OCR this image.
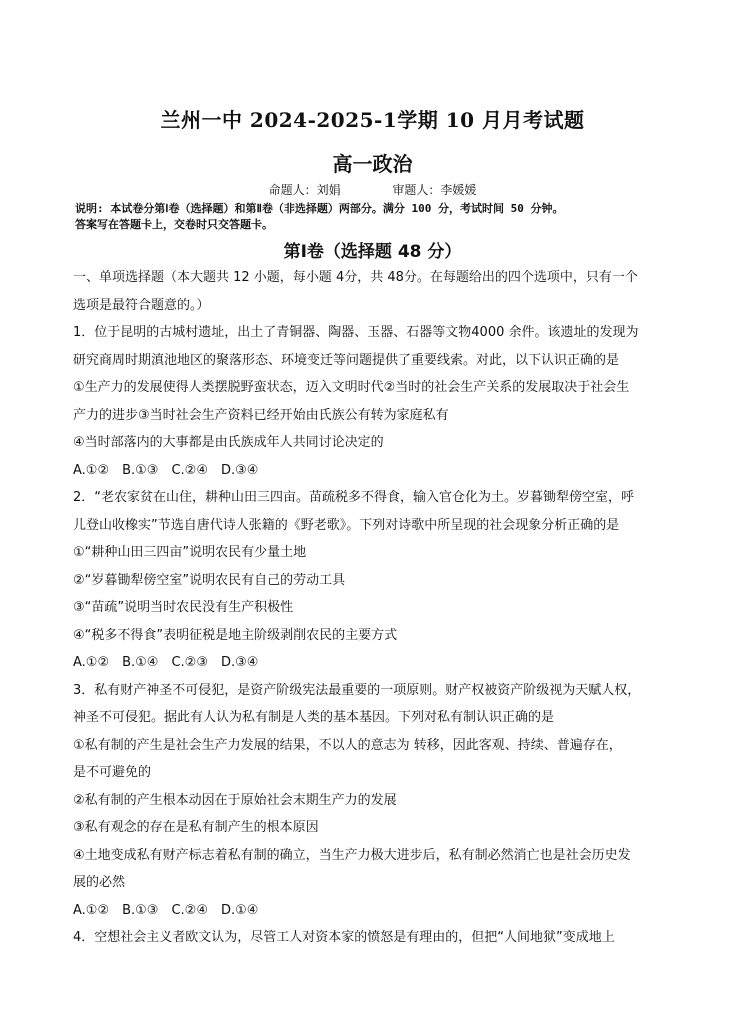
兰州一中 2024-2025-1学期 10 月月考试题
高一政治
命题人：刘娟	审题人：李媛媛
说明: 本试卷分第Ⅰ卷（选择题）和第Ⅱ卷（非选择题）两部分。满分 100 分，考试时间 50 分钟。
答案写在答题卡上，交卷时只交答题卡。
第Ⅰ卷（选择题 48 分）
一、单项选择题（本大题共 12 小题，每小题 4分，共 48分。在每题给出的四个选项中，只有一个
选项是最符合题意的。）
1．位于昆明的古城村遗址，出土了青铜器、陶器、玉器、石器等文物4000 余件。该遗址的发现为
研究商周时期滇池地区的聚落形态、环境变迁等问题提供了重要线索。对此，以下认识正确的是
①生产力的发展使得人类摆脱野蛮状态，迈入文明时代②当时的社会生产关系的发展取决于社会生
产力的进步③当时社会生产资料已经开始由氏族公有转为家庭私有
④当时部落内的大事都是由氏族成年人共同讨论决定的
A.①②　B.①③　C.②④　D.③④
2．“老农家贫在山住，耕种山田三四亩。苗疏税多不得食，输入官仓化为土。岁暮锄犁傍空室，呼
儿登山收橡实”节选自唐代诗人张籍的《野老歌》。下列对诗歌中所呈现的社会现象分析正确的是
①“耕种山田三四亩”说明农民有少量土地
②“岁暮锄犁傍空室”说明农民有自己的劳动工具
③“苗疏”说明当时农民没有生产积极性
④“税多不得食”表明征税是地主阶级剥削农民的主要方式
A.①②　B.①④　C.②③　D.③④
3．私有财产神圣不可侵犯，是资产阶级宪法最重要的一项原则。财产权被资产阶级视为天赋人权，
神圣不可侵犯。据此有人认为私有制是人类的基本基因。下列对私有制认识正确的是
①私有制的产生是社会生产力发展的结果，不以人的意志为 转移，因此客观、持续、普遍存在，
是不可避免的
②私有制的产生根本动因在于原始社会末期生产力的发展
③私有观念的存在是私有制产生的根本原因
④土地变成私有财产标志着私有制的确立，当生产力极大进步后，私有制必然消亡也是社会历史发
展的必然
A.①②　B.①③　C.②④　D.①④
4．空想社会主义者欧文认为，尽管工人对资本家的愤怒是有理由的，但把“人间地狱”变成地上
